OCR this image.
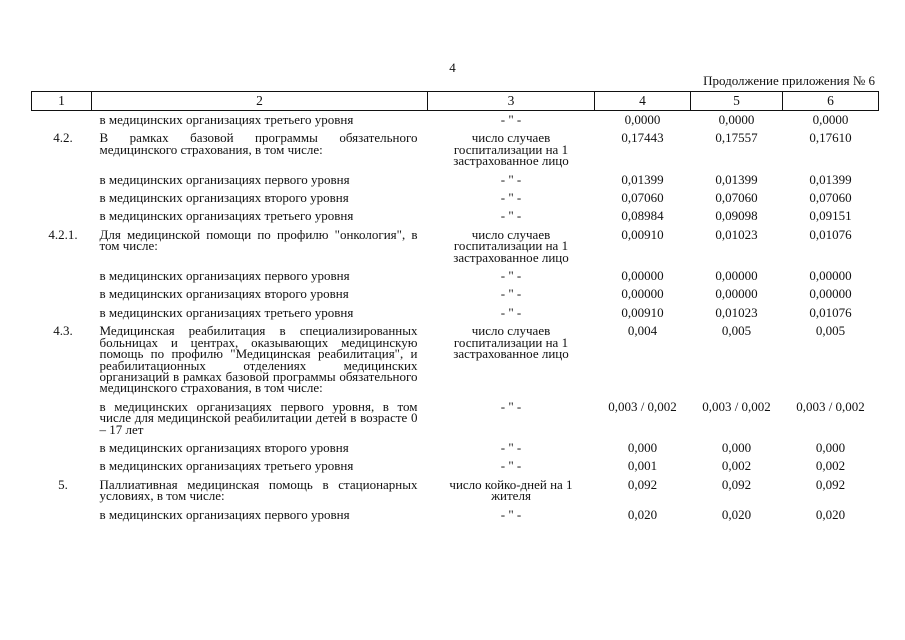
4
Продолжение приложения № 6
1	2	3	4	5	6
	в медицинских организациях третьего уровня	- " -	0,0000	0,0000	0,0000
4.2.	В рамках базовой программы обязательного медицинского страхования, в том числе:	число случаев госпитализации на 1 застрахованное лицо	0,17443	0,17557	0,17610
	в медицинских организациях первого уровня	- " -	0,01399	0,01399	0,01399
	в медицинских организациях второго уровня	- " -	0,07060	0,07060	0,07060
	в медицинских организациях третьего уровня	- " -	0,08984	0,09098	0,09151
4.2.1.	Для медицинской помощи по профилю "онкология", в том числе:	число случаев госпитализации на 1 застрахованное лицо	0,00910	0,01023	0,01076
	в медицинских организациях первого уровня	- " -	0,00000	0,00000	0,00000
	в медицинских организациях второго уровня	- " -	0,00000	0,00000	0,00000
	в медицинских организациях третьего уровня	- " -	0,00910	0,01023	0,01076
4.3.	Медицинская реабилитация в специализированных больницах и центрах, оказывающих медицинскую помощь по профилю "Медицинская реабилитация", и реабилитационных отделениях медицинских организаций в рамках базовой программы обязательного медицинского страхования, в том числе:	число случаев госпитализации на 1 застрахованное лицо	0,004	0,005	0,005
	в медицинских организациях первого уровня, в том числе для медицинской реабилитации детей в возрасте 0 – 17 лет	- " -	0,003 / 0,002	0,003 / 0,002	0,003 / 0,002
	в медицинских организациях второго уровня	- " -	0,000	0,000	0,000
	в медицинских организациях третьего уровня	- " -	0,001	0,002	0,002
5.	Паллиативная медицинская помощь в стационарных условиях, в том числе:	число койко-дней на 1 жителя	0,092	0,092	0,092
	в медицинских организациях первого уровня	- " -	0,020	0,020	0,020
